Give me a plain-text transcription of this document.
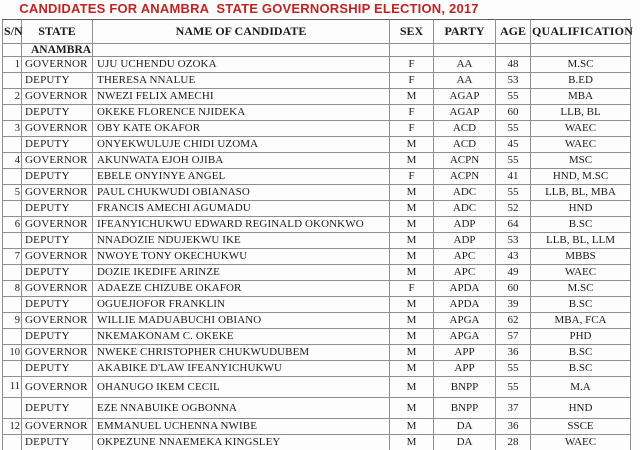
CANDIDATES FOR ANAMBRA  STATE GOVERNORSHIP ELECTION, 2017						
S/N	STATE	NAME OF CANDIDATE	SEX	PARTY	AGE	QUALIFICATION
	ANAMBRA					
1	GOVERNOR	UJU UCHENDU OZOKA	F	AA	48	M.SC
	DEPUTY	THERESA NNALUE	F	AA	53	B.ED
2	GOVERNOR	NWEZI FELIX AMECHI	M	AGAP	55	MBA
	DEPUTY	OKEKE FLORENCE NJIDEKA	F	AGAP	60	LLB, BL
3	GOVERNOR	OBY KATE OKAFOR	F	ACD	55	WAEC
	DEPUTY	ONYEKWULUJE CHIDI UZOMA	M	ACD	45	WAEC
4	GOVERNOR	AKUNWATA EJOH OJIBA	M	ACPN	55	MSC
	DEPUTY	EBELE ONYINYE ANGEL	F	ACPN	41	HND, M.SC
5	GOVERNOR	PAUL CHUKWUDI OBIANASO	M	ADC	55	LLB, BL, MBA
	DEPUTY	FRANCIS AMECHI AGUMADU	M	ADC	52	HND
6	GOVERNOR	IFEANYICHUKWU EDWARD REGINALD OKONKWO	M	ADP	64	B.SC
	DEPUTY	NNADOZIE NDUJEKWU IKE	M	ADP	53	LLB, BL, LLM
7	GOVERNOR	NWOYE TONY OKECHUKWU	M	APC	43	MBBS
	DEPUTY	DOZIE IKEDIFE ARINZE	M	APC	49	WAEC
8	GOVERNOR	ADAEZE CHIZUBE OKAFOR	F	APDA	60	M.SC
	DEPUTY	OGUEJIOFOR FRANKLIN	M	APDA	39	B.SC
9	GOVERNOR	WILLIE MADUABUCHI OBIANO	M	APGA	62	MBA, FCA
	DEPUTY	NKEMAKONAM C. OKEKE	M	APGA	57	PHD
10	GOVERNOR	NWEKE CHRISTOPHER CHUKWUDUBEM	M	APP	36	B.SC
	DEPUTY	AKABIKE D'LAW IFEANYICHUKWU	M	APP	55	B.SC
11	GOVERNOR	OHANUGO IKEM CECIL	M	BNPP	55	M.A
	DEPUTY	EZE NNABUIKE OGBONNA	M	BNPP	37	HND
12	GOVERNOR	EMMANUEL UCHENNA NWIBE	M	DA	36	SSCE
	DEPUTY	OKPEZUNE NNAEMEKA KINGSLEY	M	DA	28	WAEC
